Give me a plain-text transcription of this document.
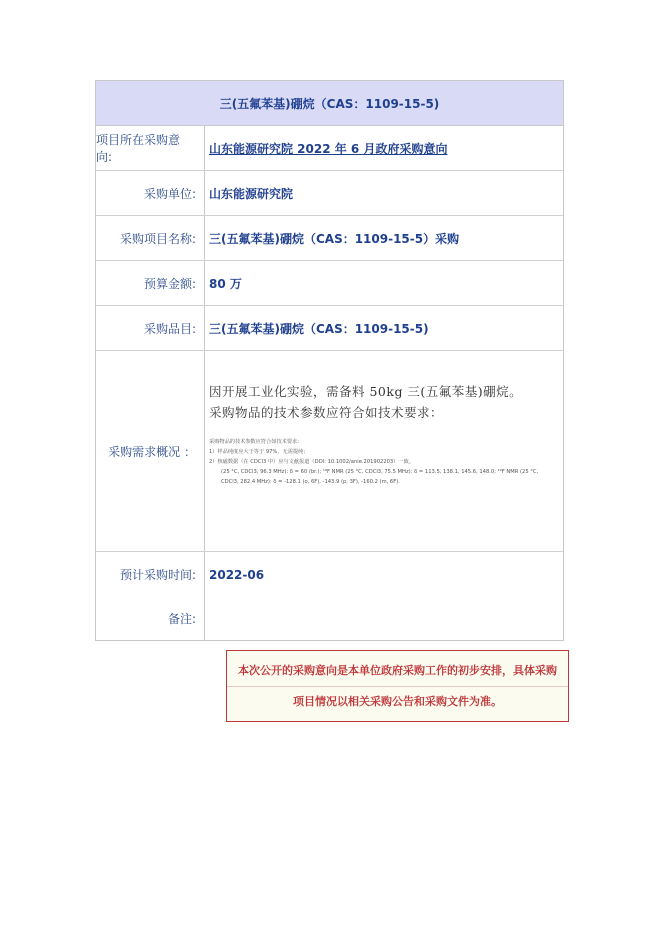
三(五氟苯基)硼烷（CAS：1109-15-5)
项目所在采购意向:
山东能源研究院 2022 年 6 月政府采购意向
采购单位:	山东能源研究院
采购项目名称:	三(五氟苯基)硼烷（CAS：1109-15-5）采购
预算金额:	80 万
采购品目:	三(五氟苯基)硼烷（CAS：1109-15-5)
采购需求概况 ：
因开展工业化实验，需备料 50kg 三(五氟苯基)硼烷。
采购物品的技术参数应符合如技术要求：
采购物品的技术参数应符合如技术要求:
1）样品纯度应大于等于 97%，无需提纯；
2）核磁数据（在 CDCl3 中）应与文献报道（DOI: 10.1002/anie.201902203）一致。
(25 °C, CDCl3, 96.3 MHz): δ = 60 (br.); ¹⁹F NMR (25 °C, CDCl3, 75.5 MHz): δ = 113.5, 138.1, 145.6, 148.0; ¹⁹F NMR (25 °C,
CDCl3, 282.4 MHz): δ = -128.1 (o, 6F), -143.9 (p, 3F), -160.2 (m, 6F).
预计采购时间:	2022-06
备注:
本次公开的采购意向是本单位政府采购工作的初步安排，具体采购
项目情况以相关采购公告和采购文件为准。
